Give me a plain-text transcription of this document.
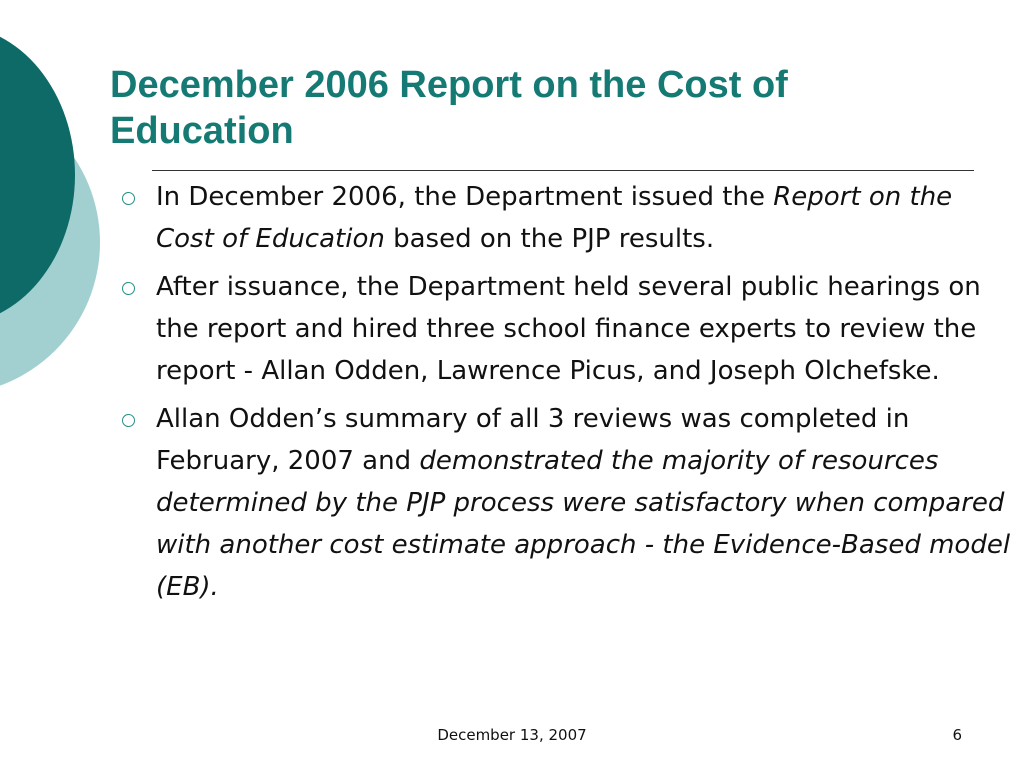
December 2006 Report on the Cost of Education
In December 2006, the Department issued the Report on the Cost of Education based on the PJP results.
After issuance, the Department held several public hearings on the report and hired three school finance experts to review the report - Allan Odden, Lawrence Picus, and Joseph Olchefske.
Allan Odden’s summary of all 3 reviews was completed in February, 2007 and demonstrated the majority of resources determined by the PJP process were satisfactory when compared with another cost estimate approach - the Evidence-Based model (EB).
December 13, 2007	6
